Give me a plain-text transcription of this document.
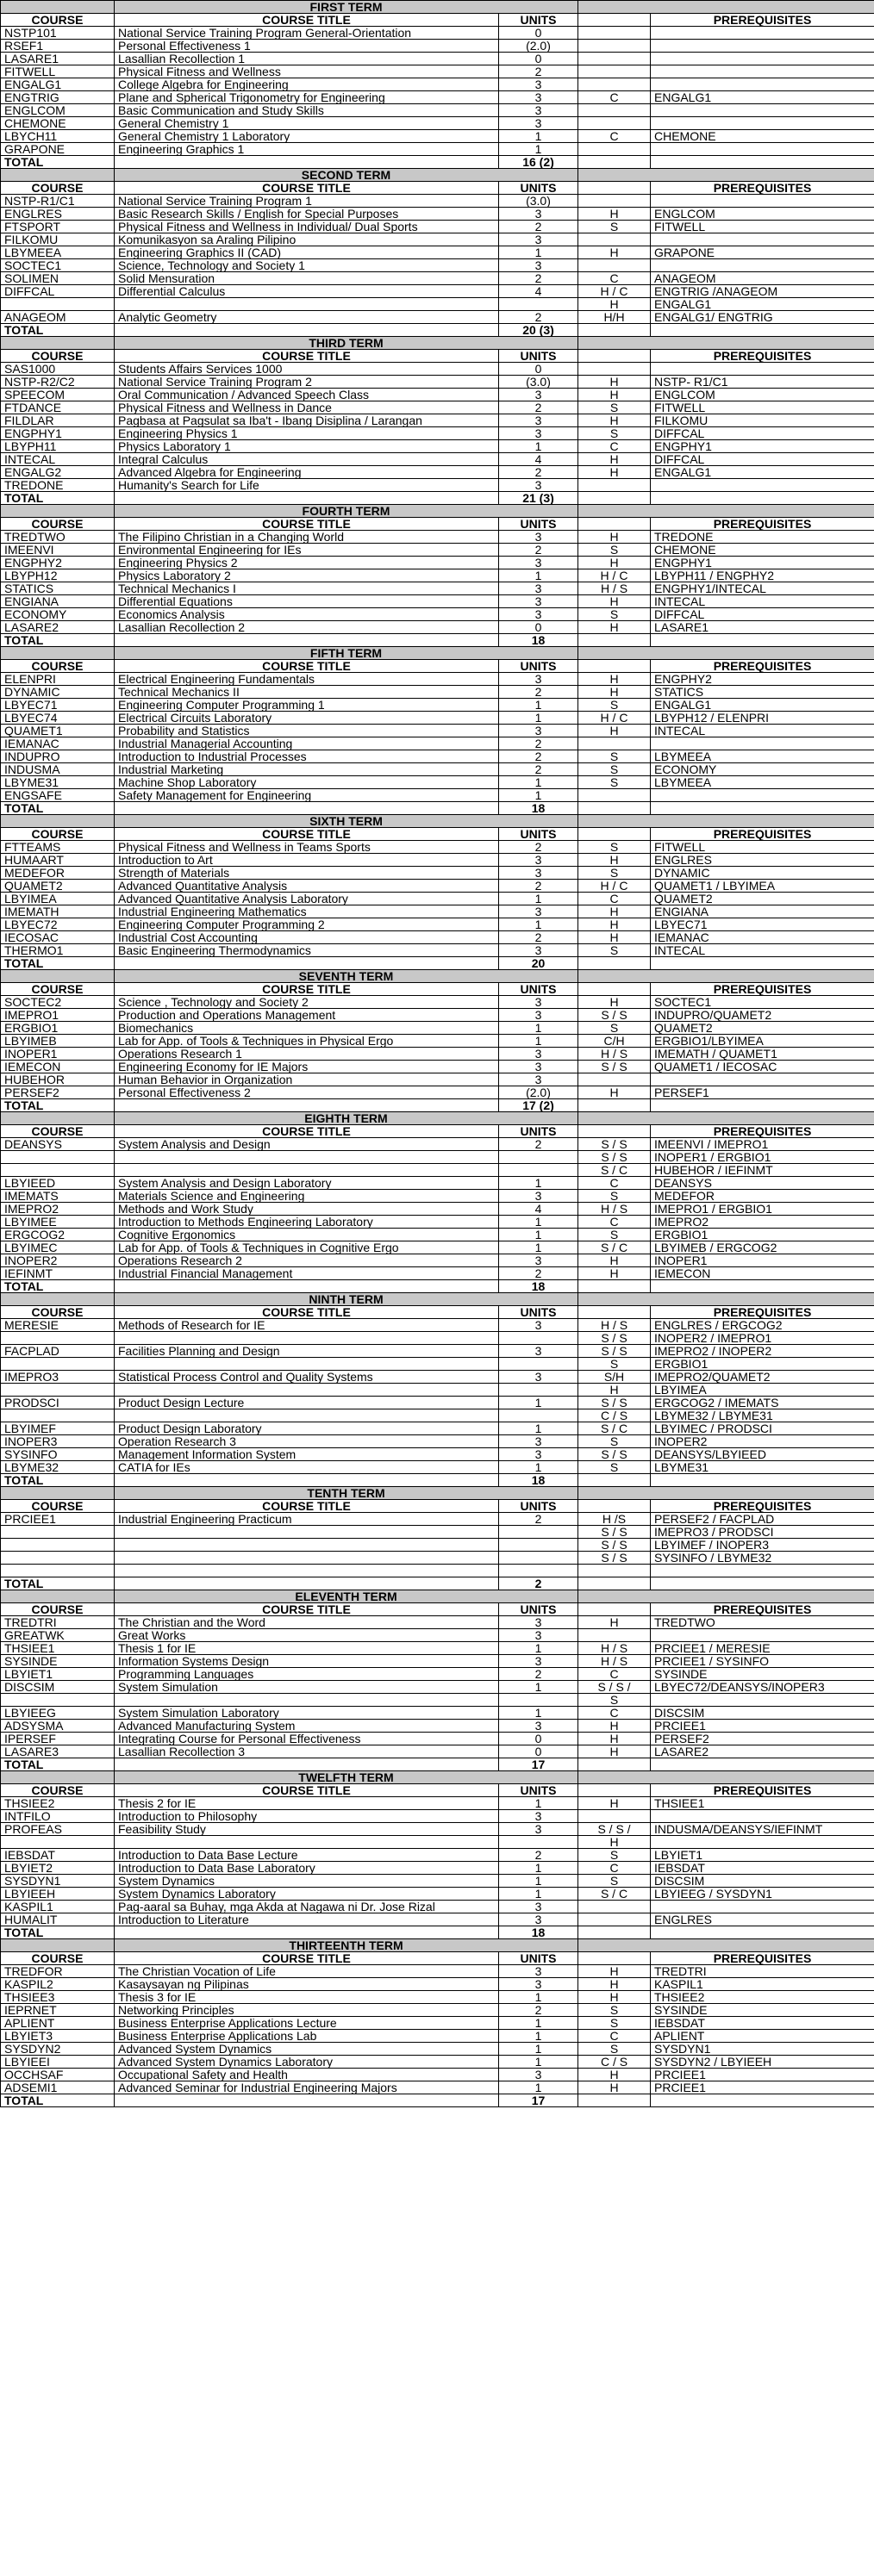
	FIRST TERM			
COURSE	COURSE TITLE	UNITS		PREREQUISITES
NSTP101	National Service Training Program General-Orientation	0		
RSEF1	Personal Effectiveness 1	(2.0)		
LASARE1	Lasallian Recollection 1	0		
FITWELL	Physical Fitness and Wellness	2		
ENGALG1	College Algebra for Engineering	3		
ENGTRIG	Plane and Spherical Trigonometry for Engineering	3	C	ENGALG1
ENGLCOM	Basic Communication and Study Skills	3		
CHEMONE	General Chemistry 1	3		
LBYCH11	General Chemistry 1 Laboratory	1	C	CHEMONE
GRAPONE	Engineering Graphics 1	1		
TOTAL		16 (2)		
	SECOND TERM			
COURSE	COURSE TITLE	UNITS		PREREQUISITES
NSTP-R1/C1	National Service Training Program 1	(3.0)		
ENGLRES	Basic Research Skills / English for Special Purposes	3	H	ENGLCOM
FTSPORT	Physical Fitness and Wellness in Individual/ Dual Sports	2	S	FITWELL
FILKOMU	Komunikasyon sa Araling Pilipino	3		
LBYMEEA	Engineering Graphics II (CAD)	1	H	GRAPONE
SOCTEC1	Science, Technology and Society 1	3		
SOLIMEN	Solid Mensuration	2	C	ANAGEOM
DIFFCAL	Differential Calculus	4	H / C	ENGTRIG /ANAGEOM
			H	ENGALG1
ANAGEOM	Analytic Geometry	2	H/H	ENGALG1/ ENGTRIG
TOTAL		20 (3)		
	THIRD TERM			
COURSE	COURSE TITLE	UNITS		PREREQUISITES
SAS1000	Students Affairs Services 1000	0		
NSTP-R2/C2	National Service Training Program 2	(3.0)	H	NSTP- R1/C1
SPEECOM	Oral Communication / Advanced Speech Class	3	H	ENGLCOM
FTDANCE	Physical Fitness and Wellness in Dance	2	S	FITWELL
FILDLAR	Pagbasa at Pagsulat sa Iba't - Ibang Disiplina / Larangan	3	H	FILKOMU
ENGPHY1	Engineering Physics 1	3	S	DIFFCAL
LBYPH11	Physics Laboratory 1	1	C	ENGPHY1
INTECAL	Integral Calculus	4	H	DIFFCAL
ENGALG2	Advanced Algebra for Engineering	2	H	ENGALG1
TREDONE	Humanity's Search for Life	3		
TOTAL		21 (3)		
	FOURTH TERM			
COURSE	COURSE TITLE	UNITS		PREREQUISITES
TREDTWO	The Filipino Christian in a Changing World	3	H	TREDONE
IMEENVI	Environmental Engineering for IEs	2	S	CHEMONE
ENGPHY2	Engineering Physics 2	3	H	ENGPHY1
LBYPH12	Physics Laboratory 2	1	H / C	LBYPH11 / ENGPHY2
STATICS	Technical Mechanics I	3	H / S	ENGPHY1/INTECAL
ENGIANA	Differential Equations	3	H	INTECAL
ECONOMY	Economics Analysis	3	S	DIFFCAL
LASARE2	Lasallian Recollection 2	0	H	LASARE1
TOTAL		18		
	FIFTH TERM			
COURSE	COURSE TITLE	UNITS		PREREQUISITES
ELENPRI	Electrical Engineering Fundamentals	3	H	ENGPHY2
DYNAMIC	Technical Mechanics II	2	H	STATICS
LBYEC71	Engineering Computer Programming 1	1	S	ENGALG1
LBYEC74	Electrical Circuits Laboratory	1	H / C	LBYPH12 / ELENPRI
QUAMET1	Probability and Statistics	3	H	INTECAL
IEMANAC	Industrial Managerial Accounting	2		
INDUPRO	Introduction to Industrial Processes	2	S	LBYMEEA
INDUSMA	Industrial Marketing	2	S	ECONOMY
LBYME31	Machine Shop Laboratory	1	S	LBYMEEA
ENGSAFE	Safety Management for Engineering	1		
TOTAL		18		
	SIXTH TERM			
COURSE	COURSE TITLE	UNITS		PREREQUISITES
FTTEAMS	Physical Fitness and Wellness in Teams Sports	2	S	FITWELL
HUMAART	Introduction to Art	3	H	ENGLRES
MEDEFOR	Strength of Materials	3	S	DYNAMIC
QUAMET2	Advanced Quantitative Analysis	2	H / C	QUAMET1 / LBYIMEA
LBYIMEA	Advanced Quantitative Analysis Laboratory	1	C	QUAMET2
IMEMATH	Industrial Engineering Mathematics	3	H	ENGIANA
LBYEC72	Engineering Computer Programming 2	1	H	LBYEC71
IECOSAC	Industrial Cost Accounting	2	H	IEMANAC
THERMO1	Basic Engineering Thermodynamics	3	S	INTECAL
TOTAL		20		
	SEVENTH TERM			
COURSE	COURSE TITLE	UNITS		PREREQUISITES
SOCTEC2	Science , Technology and Society 2	3	H	SOCTEC1
IMEPRO1	Production and Operations Management	3	S / S	INDUPRO/QUAMET2
ERGBIO1	Biomechanics	1	S	QUAMET2
LBYIMEB	Lab for App. of Tools & Techniques in Physical Ergo	1	C/H	ERGBIO1/LBYIMEA
INOPER1	Operations Research 1	3	H / S	IMEMATH / QUAMET1
IEMECON	Engineering Economy for IE Majors	3	S / S	QUAMET1 / IECOSAC
HUBEHOR	Human Behavior in Organization	3		
PERSEF2	Personal Effectiveness 2	(2.0)	H	PERSEF1
TOTAL		17 (2)		
	EIGHTH TERM			
COURSE	COURSE TITLE	UNITS		PREREQUISITES
DEANSYS	System Analysis and Design	2	S / S	IMEENVI / IMEPRO1
			S / S	INOPER1 / ERGBIO1
			S / C	HUBEHOR / IEFINMT
LBYIEED	System Analysis and Design Laboratory	1	C	DEANSYS
IMEMATS	Materials Science and Engineering	3	S	MEDEFOR
IMEPRO2	Methods and Work Study	4	H / S	IMEPRO1 / ERGBIO1
LBYIMEE	Introduction to Methods Engineering Laboratory	1	C	IMEPRO2
ERGCOG2	Cognitive Ergonomics	1	S	ERGBIO1
LBYIMEC	Lab for App. of Tools & Techniques in Cognitive Ergo	1	S / C	LBYIMEB / ERGCOG2
INOPER2	Operations Research 2	3	H	INOPER1
IEFINMT	Industrial Financial Management	2	H	IEMECON
TOTAL		18		
	NINTH TERM			
COURSE	COURSE TITLE	UNITS		PREREQUISITES
MERESIE	Methods of Research for IE	3	H / S	ENGLRES / ERGCOG2
			S / S	INOPER2 / IMEPRO1
FACPLAD	Facilities Planning and Design	3	S / S	IMEPRO2 / INOPER2
			S	ERGBIO1
IMEPRO3	Statistical Process Control and Quality Systems	3	S/H	IMEPRO2/QUAMET2
			H	LBYIMEA
PRODSCI	Product Design Lecture	1	S / S	ERGCOG2 / IMEMATS
			C / S	LBYME32 / LBYME31
LBYIMEF	Product Design Laboratory	1	S / C	LBYIMEC / PRODSCI
INOPER3	Operation Research 3	3	S	INOPER2
SYSINFO	Management Information System	3	S / S	DEANSYS/LBYIEED
LBYME32	CATIA for IEs	1	S	LBYME31
TOTAL		18		
	TENTH TERM			
COURSE	COURSE TITLE	UNITS		PREREQUISITES
PRCIEE1	Industrial Engineering Practicum	2	H /S	PERSEF2 / FACPLAD
			S / S	IMEPRO3 / PRODSCI
			S / S	LBYIMEF / INOPER3
			S / S	SYSINFO / LBYME32

TOTAL		2		
	ELEVENTH TERM			
COURSE	COURSE TITLE	UNITS		PREREQUISITES
TREDTRI	The Christian and the Word	3	H	TREDTWO
GREATWK	Great Works	3		
THSIEE1	Thesis 1 for IE	1	H / S	PRCIEE1 / MERESIE
SYSINDE	Information Systems Design	3	H / S	PRCIEE1 / SYSINFO
LBYIET1	Programming Languages	2	C	SYSINDE
DISCSIM	System Simulation	1	S / S /	LBYEC72/DEANSYS/INOPER3
			S	
LBYIEEG	System Simulation Laboratory	1	C	DISCSIM
ADSYSMA	Advanced Manufacturing System	3	H	PRCIEE1
IPERSEF	Integrating Course for Personal Effectiveness	0	H	PERSEF2
LASARE3	Lasallian Recollection 3	0	H	LASARE2
TOTAL		17		
	TWELFTH TERM			
COURSE	COURSE TITLE	UNITS		PREREQUISITES
THSIEE2	Thesis 2 for IE	1	H	THSIEE1
INTFILO	Introduction to Philosophy	3		
PROFEAS	Feasibility Study	3	S / S /	INDUSMA/DEANSYS/IEFINMT
			H	
IEBSDAT	Introduction to Data Base Lecture	2	S	LBYIET1
LBYIET2	Introduction to Data Base Laboratory	1	C	IEBSDAT
SYSDYN1	System Dynamics	1	S	DISCSIM
LBYIEEH	System Dynamics Laboratory	1	S / C	LBYIEEG / SYSDYN1
KASPIL1	Pag-aaral sa Buhay, mga Akda at Nagawa ni Dr. Jose Rizal	3		
HUMALIT	Introduction to Literature	3		ENGLRES
TOTAL		18		
	THIRTEENTH TERM			
COURSE	COURSE TITLE	UNITS		PREREQUISITES
TREDFOR	The Christian Vocation of Life	3	H	TREDTRI
KASPIL2	Kasaysayan ng Pilipinas	3	H	KASPIL1
THSIEE3	Thesis 3 for IE	1	H	THSIEE2
IEPRNET	Networking Principles	2	S	SYSINDE
APLIENT	Business Enterprise Applications Lecture	1	S	IEBSDAT
LBYIET3	Business Enterprise Applications Lab	1	C	APLIENT
SYSDYN2	Advanced System Dynamics	1	S	SYSDYN1
LBYIEEI	Advanced System Dynamics Laboratory	1	C / S	SYSDYN2 / LBYIEEH
OCCHSAF	Occupational Safety and Health	3	H	PRCIEE1
ADSEMI1	Advanced Seminar for Industrial Engineering Majors	1	H	PRCIEE1
TOTAL		17		
